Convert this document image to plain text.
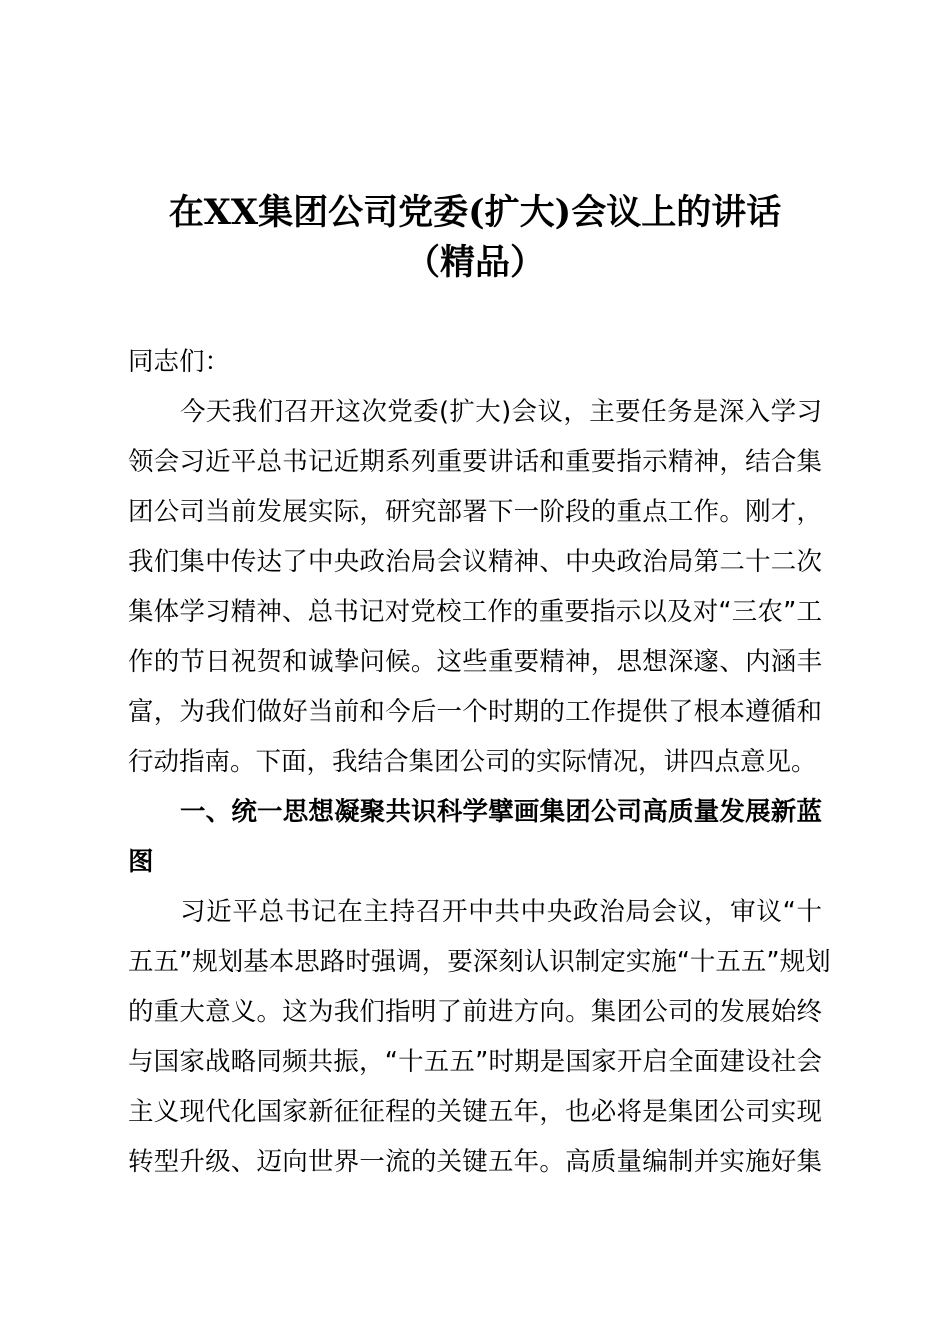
在XX集团公司党委(扩大)会议上的讲话
（精品）
同志们：
今天我们召开这次党委(扩大)会议，主要任务是深入学习
领会习近平总书记近期系列重要讲话和重要指示精神，结合集
团公司当前发展实际，研究部署下一阶段的重点工作。刚才，
我们集中传达了中央政治局会议精神、中央政治局第二十二次
集体学习精神、总书记对党校工作的重要指示以及对“三农”工
作的节日祝贺和诚挚问候。这些重要精神，思想深邃、内涵丰
富，为我们做好当前和今后一个时期的工作提供了根本遵循和
行动指南。下面，我结合集团公司的实际情况，讲四点意见。
一、统一思想凝聚共识科学擘画集团公司高质量发展新蓝
图
习近平总书记在主持召开中共中央政治局会议，审议“十
五五”规划基本思路时强调，要深刻认识制定实施“十五五”规划
的重大意义。这为我们指明了前进方向。集团公司的发展始终
与国家战略同频共振，“十五五”时期是国家开启全面建设社会
主义现代化国家新征征程的关键五年，也必将是集团公司实现
转型升级、迈向世界一流的关键五年。高质量编制并实施好集
